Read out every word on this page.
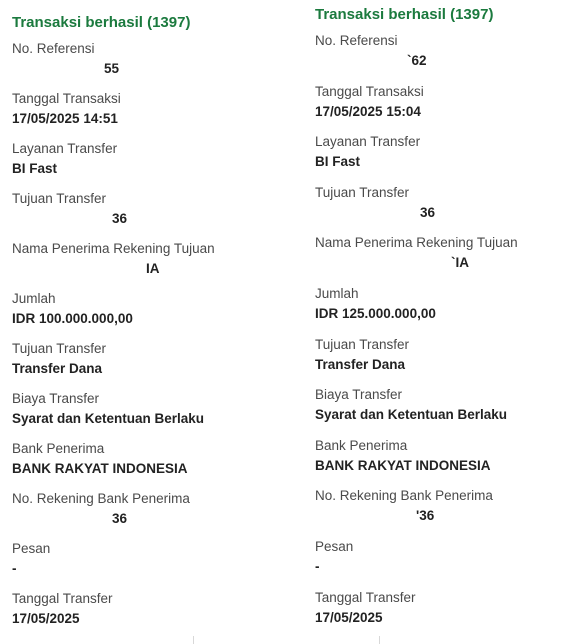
Transaksi berhasil (1397)
No. Referensi
55
Tanggal Transaksi
17/05/2025 14:51
Layanan Transfer
BI Fast
Tujuan Transfer
36
Nama Penerima Rekening Tujuan
IA
Jumlah
IDR 100.000.000,00
Tujuan Transfer
Transfer Dana
Biaya Transfer
Syarat dan Ketentuan Berlaku
Bank Penerima
BANK RAKYAT INDONESIA
No. Rekening Bank Penerima
36
Pesan
-
Tanggal Transfer
17/05/2025
Transaksi berhasil (1397)
No. Referensi
`62
Tanggal Transaksi
17/05/2025 15:04
Layanan Transfer
BI Fast
Tujuan Transfer
36
Nama Penerima Rekening Tujuan
`IA
Jumlah
IDR 125.000.000,00
Tujuan Transfer
Transfer Dana
Biaya Transfer
Syarat dan Ketentuan Berlaku
Bank Penerima
BANK RAKYAT INDONESIA
No. Rekening Bank Penerima
'36
Pesan
-
Tanggal Transfer
17/05/2025
